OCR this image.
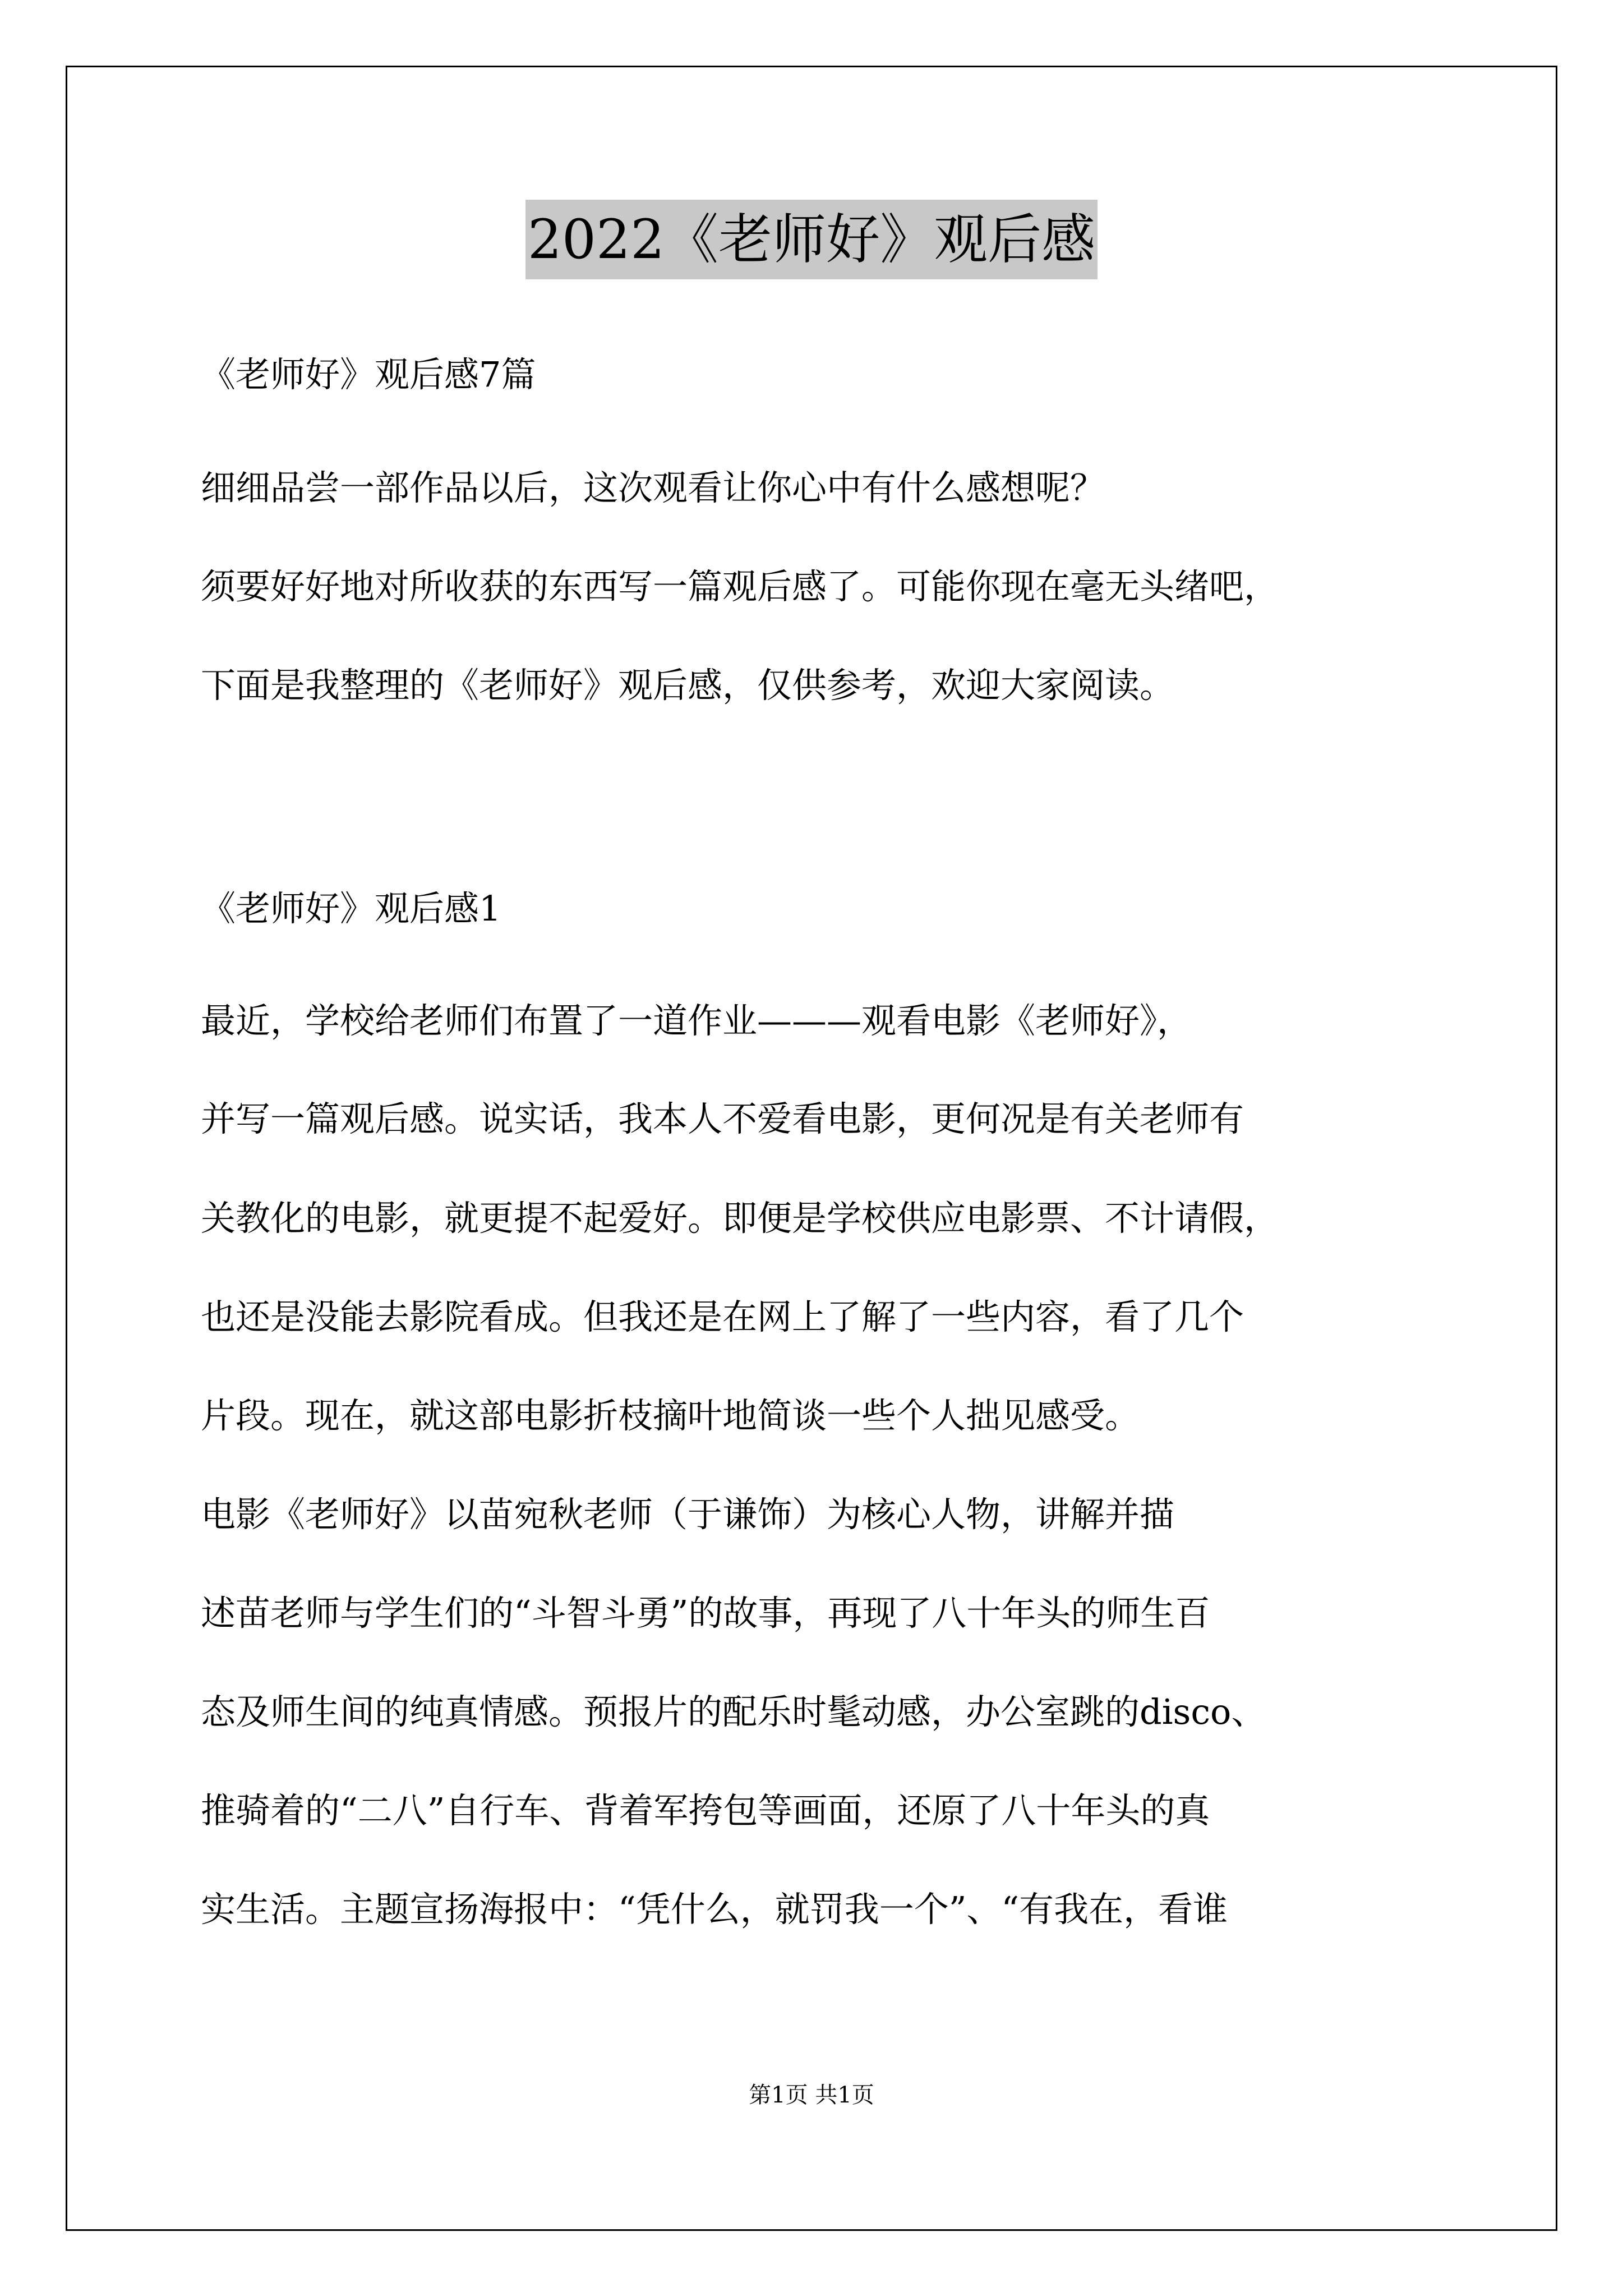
2022《老师好》观后感
《老师好》观后感7篇
细细品尝一部作品以后，这次观看让你心中有什么感想呢？
须要好好地对所收获的东西写一篇观后感了。可能你现在毫无头绪吧，
下面是我整理的《老师好》观后感，仅供参考，欢迎大家阅读。
《老师好》观后感1
最近，学校给老师们布置了一道作业———观看电影《老师好》，
并写一篇观后感。说实话，我本人不爱看电影，更何况是有关老师有
关教化的电影，就更提不起爱好。即便是学校供应电影票、不计请假，
也还是没能去影院看成。但我还是在网上了解了一些内容，看了几个
片段。现在，就这部电影折枝摘叶地简谈一些个人拙见感受。
电影《老师好》以苗宛秋老师（于谦饰）为核心人物，讲解并描
述苗老师与学生们的“斗智斗勇”的故事，再现了八十年头的师生百
态及师生间的纯真情感。预报片的配乐时髦动感，办公室跳的disco、
推骑着的“二八”自行车、背着军挎包等画面，还原了八十年头的真
实生活。主题宣扬海报中：“凭什么，就罚我一个”、“有我在，看谁
第1页 共1页
